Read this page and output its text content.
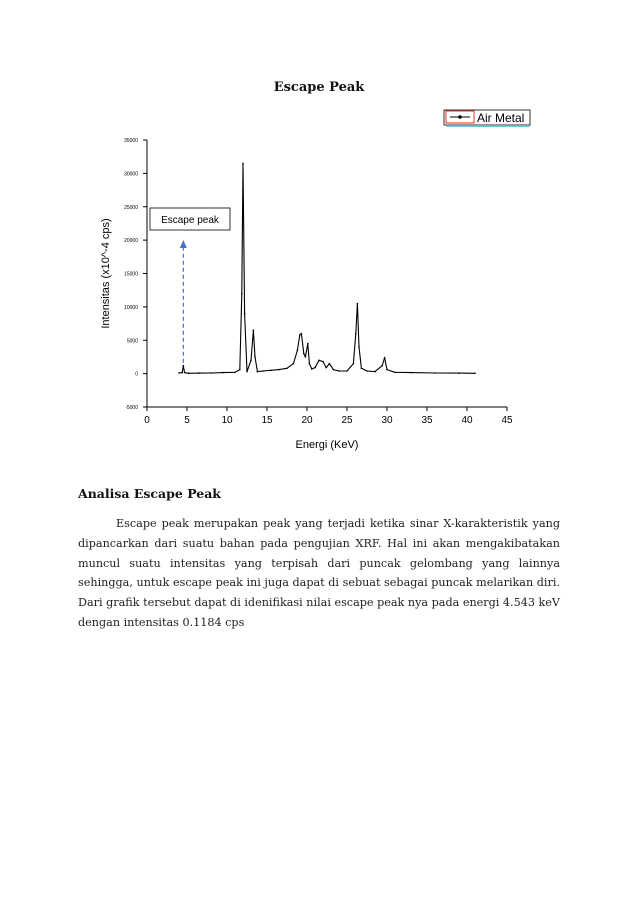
Escape Peak
0	5	10	15	20	25	30	35	40	45
-5000
0
5000
10000
15000
20000
25000
30000
35000
Energi (KeV)
Intensitas (x10^-4 cps)	Escape peak
Air Metal
Analisa Escape Peak

Escape peak merupakan peak yang terjadi ketika sinar X-karakteristik yang dipancarkan dari suatu bahan pada pengujian XRF. Hal ini akan mengakibatakan muncul suatu intensitas yang terpisah dari puncak gelombang yang lainnya sehingga, untuk escape peak ini juga dapat di sebuat sebagai puncak melarikan diri. Dari grafik tersebut dapat di idenifikasi nilai escape peak nya pada energi 4.543 keV dengan intensitas 0.1184 cps
